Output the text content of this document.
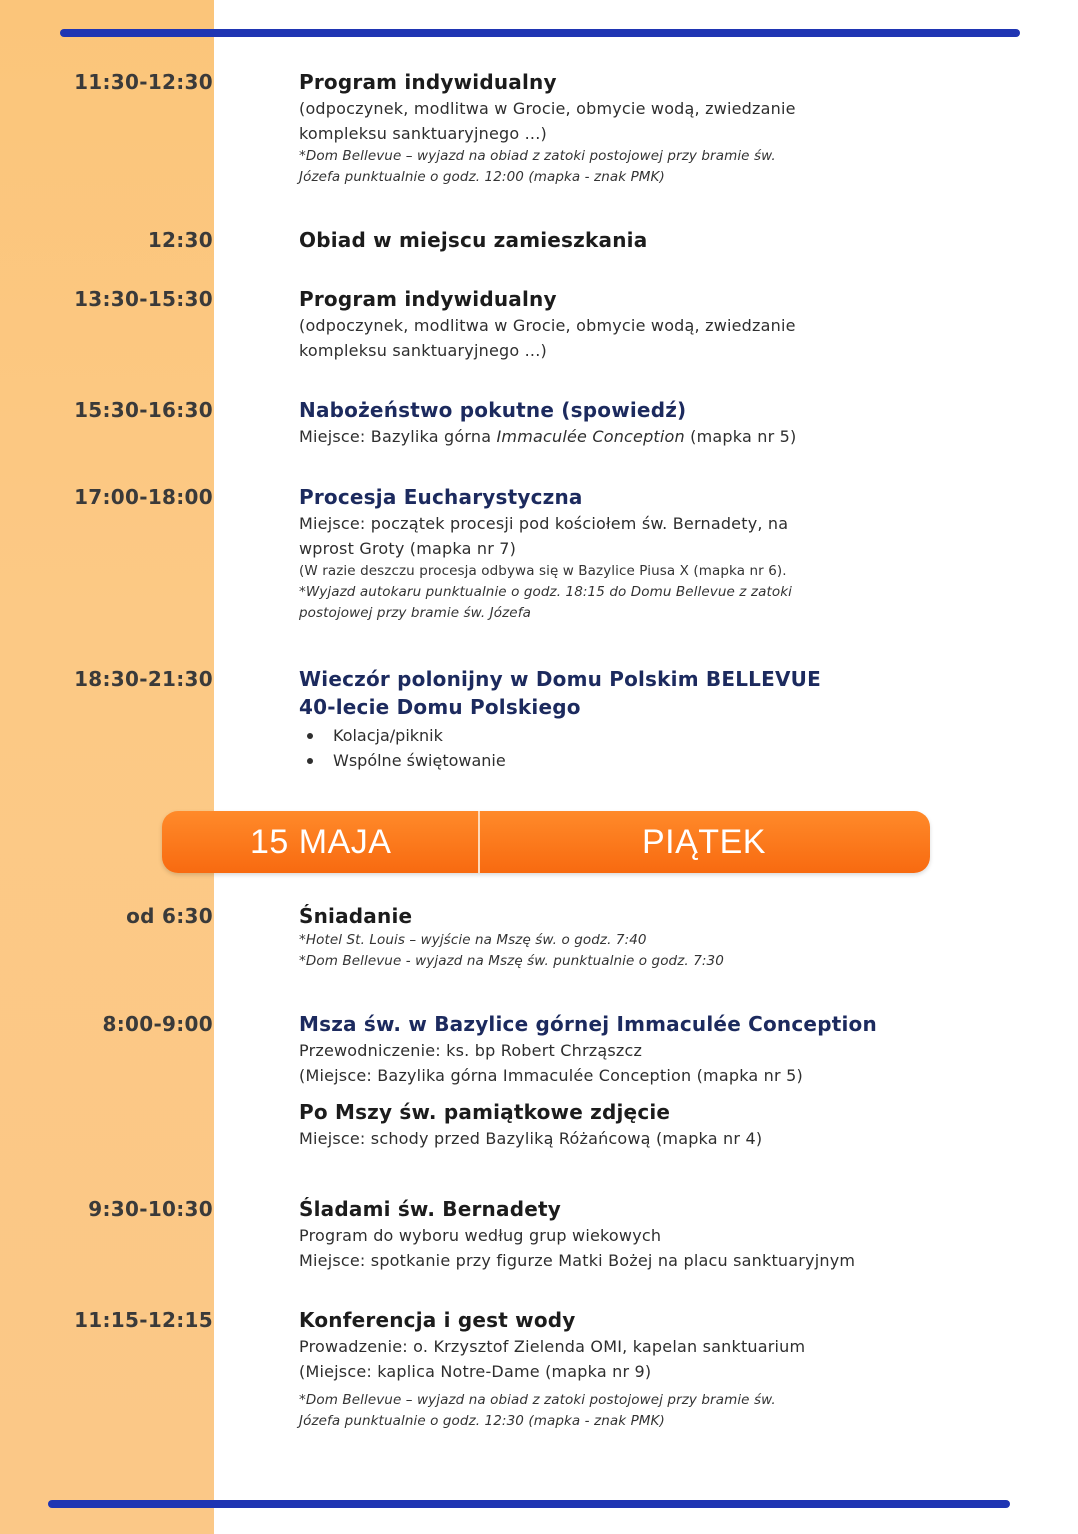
11:30-12:30	Program indywidualny
(odpoczynek, modlitwa w Grocie, obmycie wodą, zwiedzanie
kompleksu sanktuaryjnego ...)
*Dom Bellevue – wyjazd na obiad z zatoki postojowej przy bramie św.
Józefa punktualnie o godz. 12:00 (mapka - znak PMK)
12:30	Obiad w miejscu zamieszkania
13:30-15:30	Program indywidualny
(odpoczynek, modlitwa w Grocie, obmycie wodą, zwiedzanie
kompleksu sanktuaryjnego ...)
15:30-16:30	Nabożeństwo pokutne (spowiedź)
Miejsce: Bazylika górna Immaculée Conception (mapka nr 5)
17:00-18:00	Procesja Eucharystyczna
Miejsce: początek procesji pod kościołem św. Bernadety, na
wprost Groty (mapka nr 7)
(W razie deszczu procesja odbywa się w Bazylice Piusa X (mapka nr 6).
*Wyjazd autokaru punktualnie o godz. 18:15 do Domu Bellevue z zatoki
postojowej przy bramie św. Józefa
18:30-21:30	Wieczór polonijny w Domu Polskim BELLEVUE
40-lecie Domu Polskiego
Kolacja/piknik
Wspólne świętowanie
15 MAJA	PIĄTEK
od 6:30	Śniadanie
*Hotel St. Louis – wyjście na Mszę św. o godz. 7:40
*Dom Bellevue - wyjazd na Mszę św. punktualnie o godz. 7:30
8:00-9:00	Msza św. w Bazylice górnej Immaculée Conception
Przewodniczenie: ks. bp Robert Chrząszcz
(Miejsce: Bazylika górna Immaculée Conception (mapka nr 5)
Po Mszy św. pamiątkowe zdjęcie
Miejsce: schody przed Bazyliką Różańcową (mapka nr 4)
9:30-10:30	Śladami św. Bernadety
Program do wyboru według grup wiekowych
Miejsce: spotkanie przy figurze Matki Bożej na placu sanktuaryjnym
11:15-12:15	Konferencja i gest wody
Prowadzenie: o. Krzysztof Zielenda OMI, kapelan sanktuarium
(Miejsce: kaplica Notre-Dame (mapka nr 9)
*Dom Bellevue – wyjazd na obiad z zatoki postojowej przy bramie św.
Józefa punktualnie o godz. 12:30 (mapka - znak PMK)
